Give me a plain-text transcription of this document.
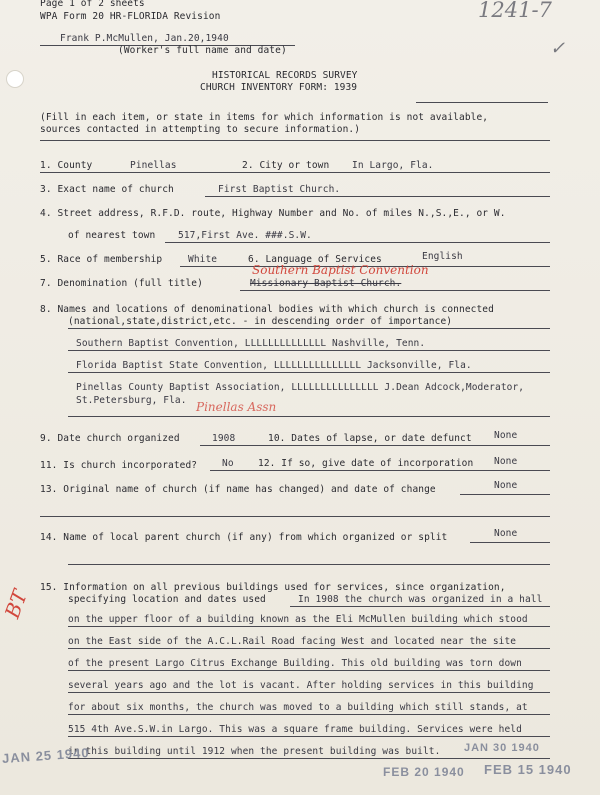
Page 1 of 2 sheets
WPA Form 20 HR-FLORIDA Revision	1241-7
✓
Frank P.McMullen, Jan.20,1940
(Worker's full name and date)
HISTORICAL RECORDS SURVEY
CHURCH INVENTORY FORM: 1939
(Fill in each item, or state in items for which information is not available,
sources contacted in attempting to secure information.)
1. County	Pinellas	2. City or town In Largo, Fla.
3. Exact name of church	First Baptist Church.
4. Street address, R.F.D. route, Highway Number and No. of miles N.,S.,E., or W.
of nearest town 517,First Ave. ###.S.W.
5. Race of membership	White	6. Language of Services	English
Southern Baptist Convention
7. Denomination (full title)	Missionary Baptist Church.
8. Names and locations of denominational bodies with which church is connected
(national,state,district,etc. - in descending order of importance)
Southern Baptist Convention, LLLLLLLLLLLLLL Nashville, Tenn.
Florida Baptist State Convention, LLLLLLLLLLLLLLL Jacksonville, Fla.
Pinellas County Baptist Association, LLLLLLLLLLLLLLL J.Dean Adcock,Moderator,
St.Petersburg, Fla. Pinellas Assn
9. Date church organized	1908	10. Dates of lapse, or date defunct None
11. Is church incorporated?	No	12. If so, give date of incorporation None
13. Original name of church (if name has changed) and date of change	None
14. Name of local parent church (if any) from which organized or split	None
15. Information on all previous buildings used for services, since organization,
specifying location and dates used	In 1908 the church was organized in a hall
on the upper floor of a building known as the Eli McMullen building which stood
on the East side of the A.C.L.Rail Road facing West and located near the site
of the present Largo Citrus Exchange Building. This old building was torn down
several years ago and the lot is vacant. After holding services in this building
for about six months, the church was moved to a building which still stands, at
515 4th Ave.S.W.in Largo. This was a square frame building. Services were held
in this building until 1912 when the present building was built.
BT
JAN 25 1940
FEB 20 1940
JAN 30 1940
FEB 15 1940
